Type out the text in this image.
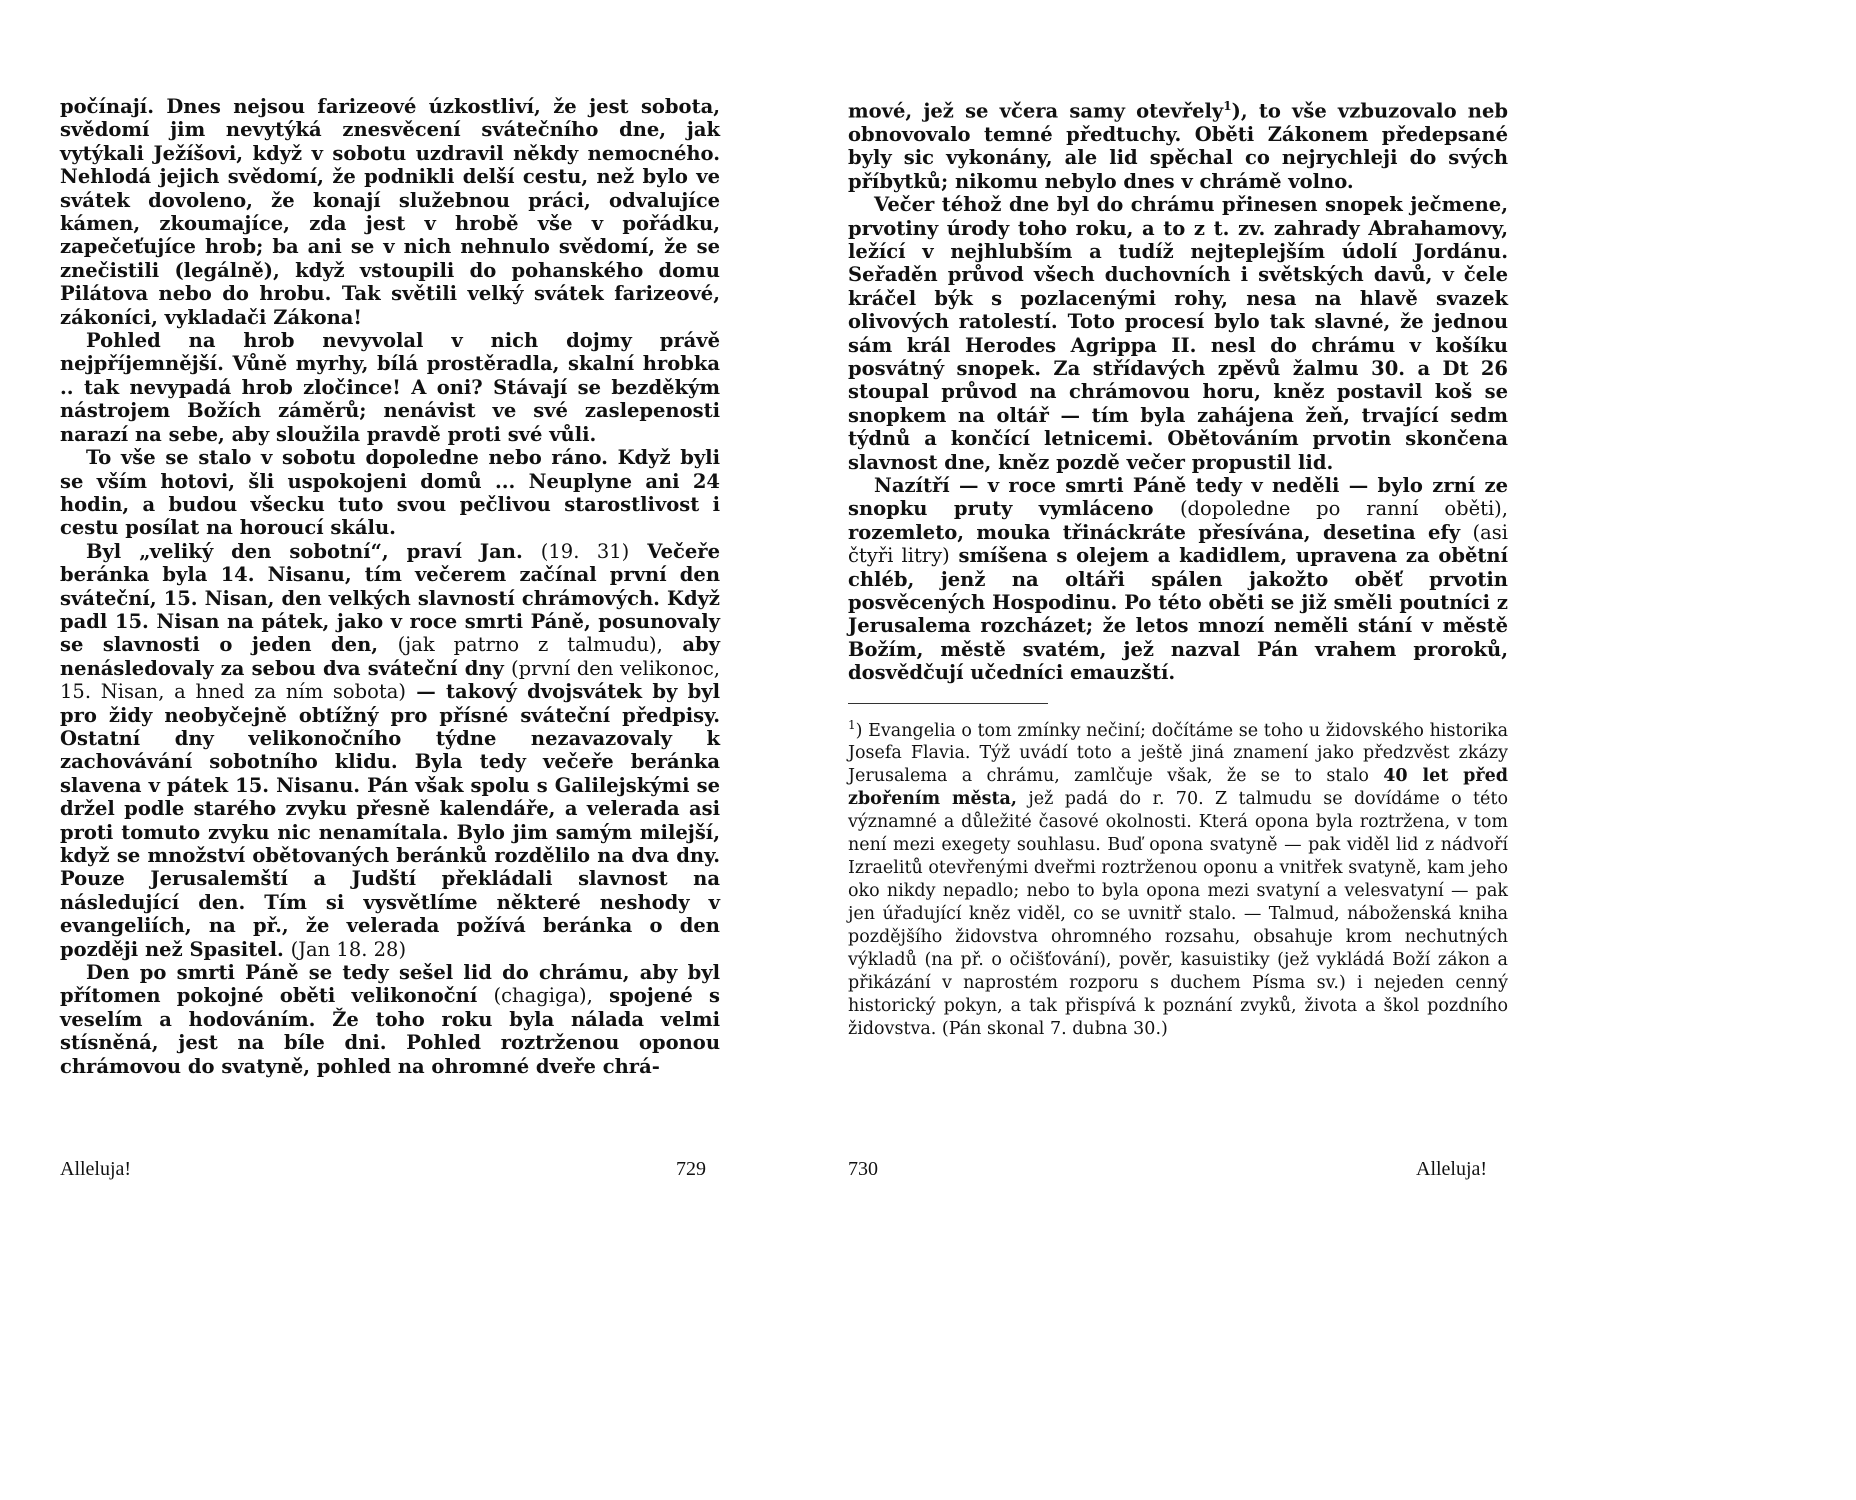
počínají. Dnes nejsou farizeové úzkostliví, že jest sobota, svědomí jim nevytýká znesvěcení svátečního dne, jak vytýkali Ježíšovi, když v sobotu uzdravil někdy nemocného. Nehlodá jejich svědomí, že podnikli delší cestu, než bylo ve svátek dovoleno, že konají služebnou práci, odvalujíce kámen, zkoumajíce, zda jest v hrobě vše v pořádku, zapečeťujíce hrob; ba ani se v nich nehnulo svědomí, že se znečistili (legálně), když vstoupili do pohanského domu Pilátova nebo do hrobu. Tak světili velký svátek farizeové, zákoníci, vykladači Zákona!

Pohled na hrob nevyvolal v nich dojmy právě nejpříjemnější. Vůně myrhy, bílá prostěradla, skalní hrobka .. tak nevypadá hrob zločince! A oni? Stávají se bezděkým nástrojem Božích záměrů; nenávist ve své zaslepenosti narazí na sebe, aby sloužila pravdě proti své vůli.

To vše se stalo v sobotu dopoledne nebo ráno. Když byli se vším hotovi, šli uspokojeni domů ... Neuplyne ani 24 hodin, a budou všecku tuto svou pečlivou starostlivost i cestu posílat na horoucí skálu.

Byl „veliký den sobotní“, praví Jan. (19. 31) Večeře beránka byla 14. Nisanu, tím večerem začínal první den sváteční, 15. Nisan, den velkých slavností chrámových. Když padl 15. Nisan na pátek, jako v roce smrti Páně, posunovaly se slavnosti o jeden den, (jak patrno z talmudu), aby nenásledovaly za sebou dva sváteční dny (první den velikonoc, 15. Nisan, a hned za ním sobota) — takový dvojsvátek by byl pro židy neobyčejně obtížný pro přísné sváteční předpisy. Ostatní dny velikonočního týdne nezavazovaly k zachovávání sobotního klidu. Byla tedy večeře beránka slavena v pátek 15. Nisanu. Pán však spolu s Galilejskými se držel podle starého zvyku přesně kalendáře, a velerada asi proti tomuto zvyku nic nenamítala. Bylo jim samým milejší, když se množství obětovaných beránků rozdělilo na dva dny. Pouze Jerusalemští a Judští překládali slavnost na následující den. Tím si vysvětlíme některé neshody v evangeliích, na př., že velerada požívá beránka o den později než Spasitel. (Jan 18. 28)

Den po smrti Páně se tedy sešel lid do chrámu, aby byl přítomen pokojné oběti velikonoční (chagiga), spojené s veselím a hodováním. Že toho roku byla nálada velmi stísněná, jest na bíle dni. Pohled roztrženou oponou chrámovou do svatyně, pohled na ohromné dveře chrá-

mové, jež se včera samy otevřely$^1$), to vše vzbuzovalo neb obnovovalo temné předtuchy. Oběti Zákonem předepsané byly sic vykonány, ale lid spěchal co nejrychleji do svých příbytků; nikomu nebylo dnes v chrámě volno.

Večer téhož dne byl do chrámu přinesen snopek ječmene, prvotiny úrody toho roku, a to z t. zv. zahrady Abrahamovy, ležící v nejhlubším a tudíž nejteplejším údolí Jordánu. Seřaděn průvod všech duchovních i světských davů, v čele kráčel býk s pozlacenými rohy, nesa na hlavě svazek olivových ratolestí. Toto procesí bylo tak slavné, že jednou sám král Herodes Agrippa II. nesl do chrámu v košíku posvátný snopek. Za střídavých zpěvů žalmu 30. a Dt 26 stoupal průvod na chrámovou horu, kněz postavil koš se snopkem na oltář — tím byla zahájena žeň, trvající sedm týdnů a končící letnicemi. Obětováním prvotin skončena slavnost dne, kněz pozdě večer propustil lid.

Nazítří — v roce smrti Páně tedy v neděli — bylo zrní ze snopku pruty vymláceno (dopoledne po ranní oběti), rozemleto, mouka třináckráte přesívána, desetina efy (asi čtyři litry) smíšena s olejem a kadidlem, upravena za obětní chléb, jenž na oltáři spálen jakožto oběť prvotin posvěcených Hospodinu. Po této oběti se již směli poutníci z Jerusalema rozcházet; že letos mnozí neměli stání v městě Božím, městě svatém, jež nazval Pán vrahem proroků, dosvědčují učedníci emauzští.

$^1$) Evangelia o tom zmínky nečiní; dočítáme se toho u židovského historika Josefa Flavia. Týž uvádí toto a ještě jiná znamení jako předzvěst zkázy Jerusalema a chrámu, zamlčuje však, že se to stalo 40 let před zbořením města, jež padá do r. 70. Z talmudu se dovídáme o této významné a důležité časové okolnosti. Která opona byla roztržena, v tom není mezi exegety souhlasu. Buď opona svatyně — pak viděl lid z nádvoří Izraelitů otevřenými dveřmi roztrženou oponu a vnitřek svatyně, kam jeho oko nikdy nepadlo; nebo to byla opona mezi svatyní a velesvatyní — pak jen úřadující kněz viděl, co se uvnitř stalo. — Talmud, náboženská kniha pozdějšího židovstva ohromného rozsahu, obsahuje krom nechutných výkladů (na př. o očišťování), pověr, kasuistiky (jež vykládá Boží zákon a přikázání v naprostém rozporu s duchem Písma sv.) i nejeden cenný historický pokyn, a tak přispívá k poznání zvyků, života a škol pozdního židovstva. (Pán skonal 7. dubna 30.)

Alleluja!	729	730	Alleluja!
